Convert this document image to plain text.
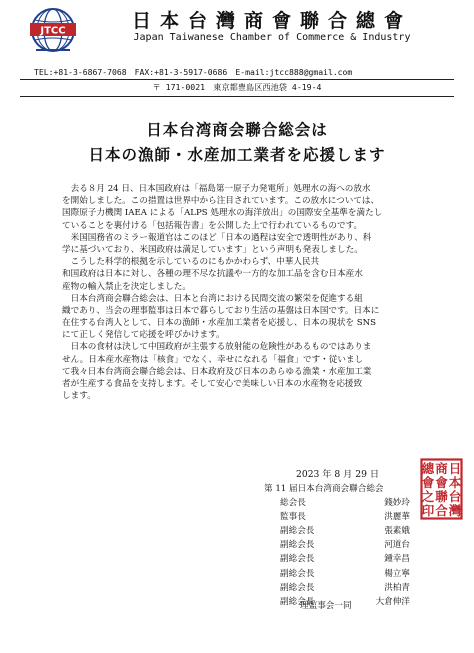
JTCC	日本台灣商會聯合總會
Japan Taiwanese Chamber of Commerce & Industry
TEL:+81-3-6867-7068　FAX:+81-3-5917-0686　E-mail:jtcc888@gmail.com
〒 171-0021　東京都豊島区西池袋 4-19-4
日本台湾商会聯合総会は
日本の漁師・水産加工業者を応援します
　去る８月 24 日、日本国政府は「福島第一原子力発電所」処理水の海への放水
を開始しました。この措置は世界中から注目されています。この放水については、
国際原子力機関 IAEA による「ALPS 処理水の海洋放出」の国際安全基準を満たし
ていることを裏付ける「包括報告書」を公開した上で行われているものです。
　米国国務省のミラー報道官はこのほど「日本の過程は安全で透明性があり、科
学に基づいており、米国政府は満足しています」という声明も発表しました。
　こうした科学的根拠を示しているのにもかかわらず、中華人民共
和国政府は日本に対し、各種の理不尽な抗議や一方的な加工品を含む日本産水
産物の輸入禁止を決定しました。
　日本台湾商会聯合総会は、日本と台湾における民間交流の繁栄を促進する組
織であり、当会の理事監事は日本で暮らしており生活の基盤は日本国です。日本に
在住する台湾人として、日本の漁師・水産加工業者を応援し、日本の現状を SNS
にて正しく発信して応援を呼びかけます。
　日本の食材は決して中国政府が主張する放射能の危険性があるものではありま
せん。日本産水産物は「核食」でなく、幸せになれる「福食」です・従いまし
て我々日本台湾商会聯合総会は、日本政府及び日本のあらゆる漁業・水産加工業
者が生産する食品を支持します。そして安心で美味しい日本の水産物を応援致
します。
2023 年 8 月 29 日
第 11 届日本台湾商会聯合総会
総会長	錢妙玲
監事長	洪麗華
副総会長	張素娥
副総会長	河道台
副総会長	鍾幸昌
副総会長	楊立寧
副総会長	洪柏青
副総会長	大倉伸洋
理監事会一同
日
本
台
灣
商
會
聯
合
總
會
之
印
